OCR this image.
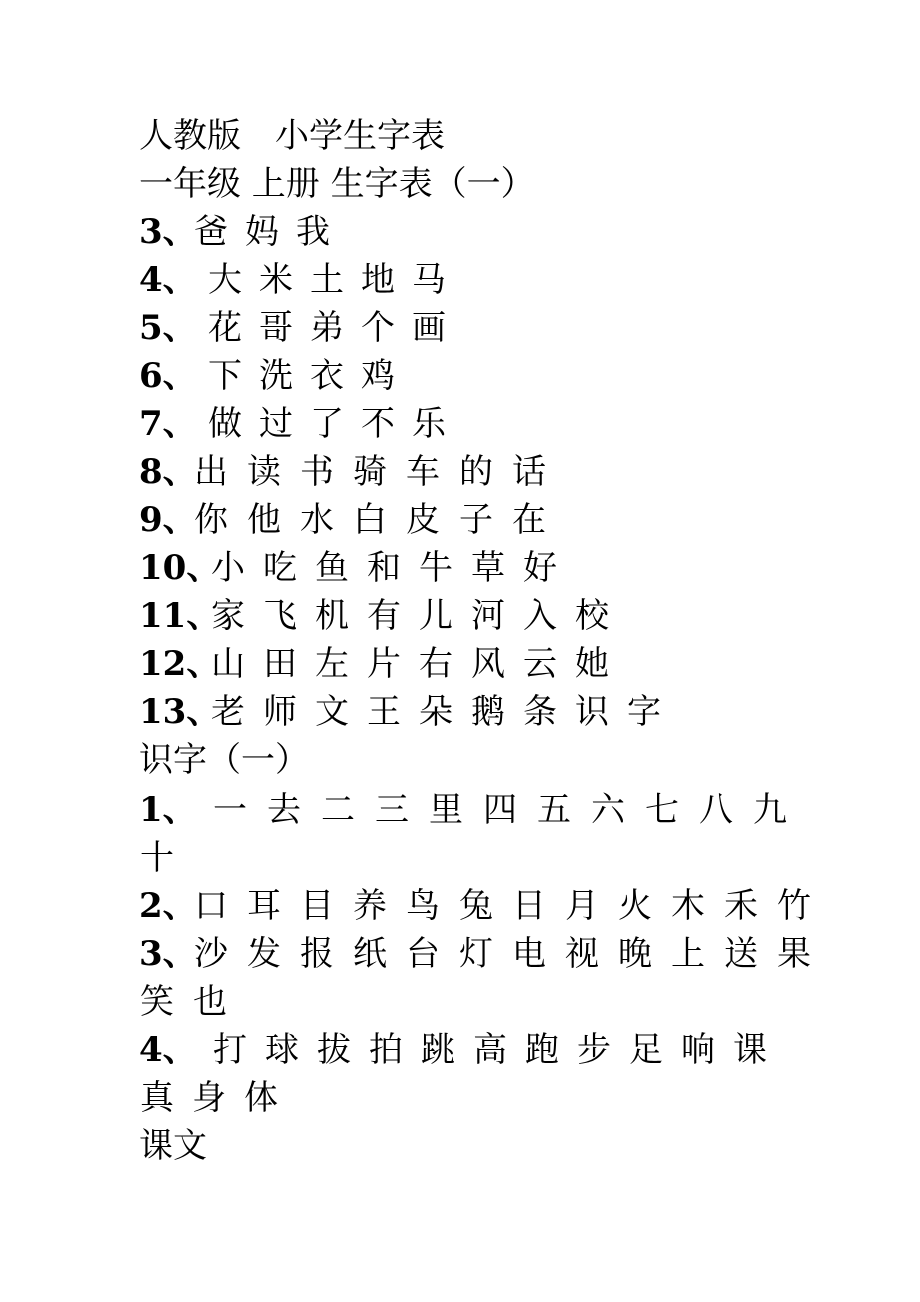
人教版　小学生字表
一年级 上册 生字表（一）
3、
爸 妈 我
4、 大 米 土 地 马
5、 花 哥 弟 个 画
6、 下 洗 衣 鸡
7、 做 过 了 不 乐
8、
出 读 书 骑 车 的 话
9、
你 他 水 白 皮 子 在
10、
小 吃 鱼 和 牛 草 好
11、
家 飞 机 有 儿 河 入 校
12、
山 田 左 片 右 风 云 她
13、
老 师 文 王 朵 鹅 条 识 字
识字（一）
1、 一 去 二 三 里 四 五 六 七 八 九
十
2、
口 耳 目 养 鸟 兔 日 月 火 木 禾 竹
3、
沙 发 报 纸 台 灯 电 视 晚 上 送 果
笑 也
4、 打 球 拔 拍 跳 高 跑 步 足 响 课
真 身 体
课文
